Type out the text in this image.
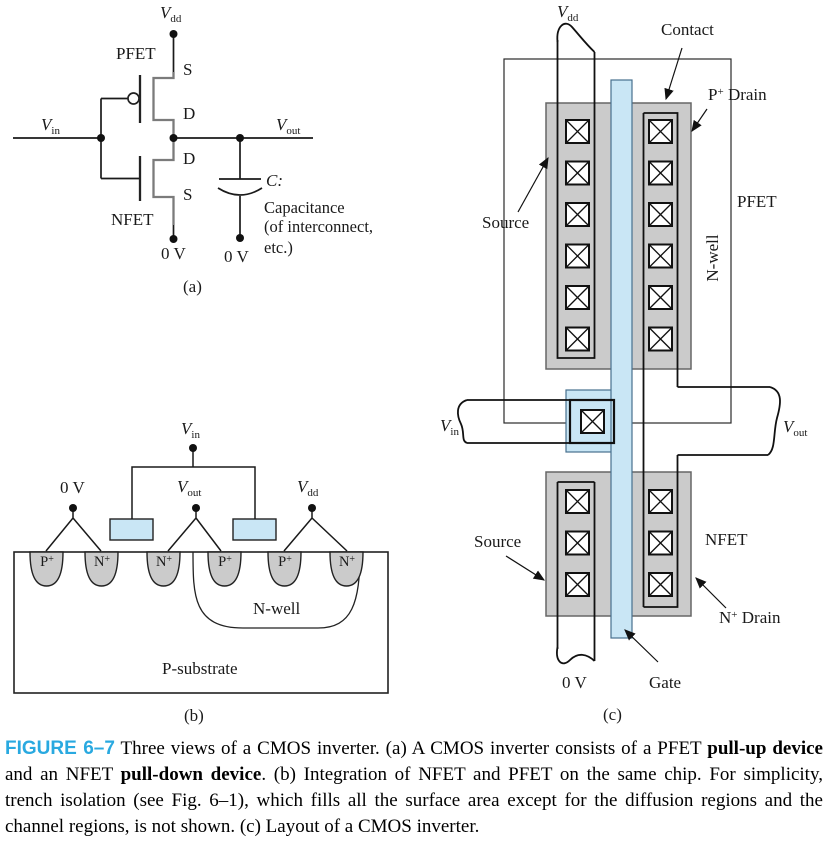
$V_{dd}$
PFET
S
D
$V_{in}$	$V_{out}$
D
S
NFET
0 V 0 V
C:
Capacitance
(of interconnect,
etc.)
(a)
$V_{in}$
0 V	$V_{out}$	$V_{dd}$
P+	N+	N+	P+	P+	N+
N-well
P-substrate
(b)
$V_{dd}$
Contact
P+ Drain
PFET
N-well
Source
$V_{in}$	$V_{out}$
Source	NFET
N+ Drain
0 V	Gate
(c)
FIGURE 6–7 Three views of a CMOS inverter. (a) A CMOS inverter consists of a PFET pull-up device and an NFET pull-down device. (b) Integration of NFET and PFET on the same chip. For simplicity, trench isolation (see Fig. 6–1), which fills all the surface area except for the diffusion regions and the channel regions, is not shown. (c) Layout of a CMOS inverter.
